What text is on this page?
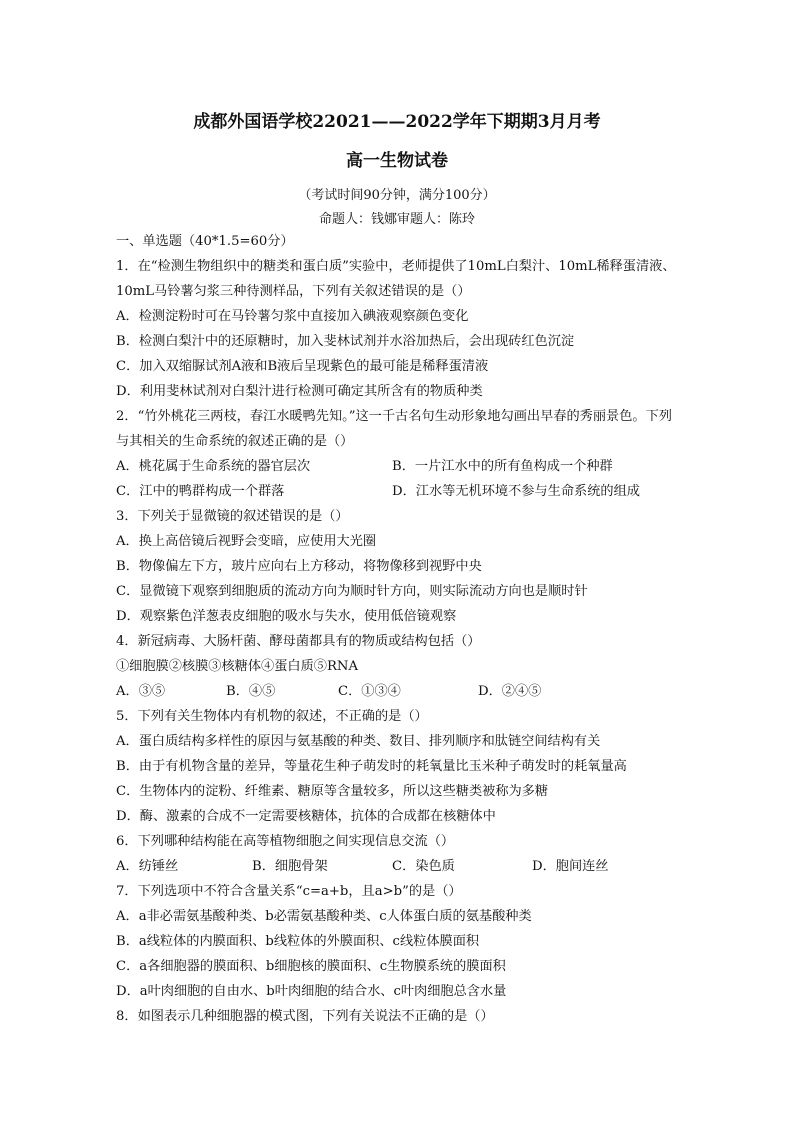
成都外国语学校22021——2022学年下期期3月月考
高一生物试卷
（考试时间90分钟，满分100分）
命题人：钱娜审题人：陈玲
一、单选题（40*1.5=60分）
1．在“检测生物组织中的糖类和蛋白质”实验中，老师提供了10mL白梨汁、10mL稀释蛋清液、
10mL马铃薯匀浆三种待测样品，下列有关叙述错误的是（）
A．检测淀粉时可在马铃薯匀浆中直接加入碘液观察颜色变化
B．检测白梨汁中的还原糖时，加入斐林试剂并水浴加热后，会出现砖红色沉淀
C．加入双缩脲试剂A液和B液后呈现紫色的最可能是稀释蛋清液
D．利用斐林试剂对白梨汁进行检测可确定其所含有的物质种类
2．“竹外桃花三两枝，春江水暖鸭先知。”这一千古名句生动形象地勾画出早春的秀丽景色。下列
与其相关的生命系统的叙述正确的是（）
A．桃花属于生命系统的器官层次	B．一片江水中的所有鱼构成一个种群
C．江中的鸭群构成一个群落	D．江水等无机环境不参与生命系统的组成
3．下列关于显微镜的叙述错误的是（）
A．换上高倍镜后视野会变暗，应使用大光圈
B．物像偏左下方，玻片应向右上方移动，将物像移到视野中央
C．显微镜下观察到细胞质的流动方向为顺时针方向，则实际流动方向也是顺时针
D．观察紫色洋葱表皮细胞的吸水与失水，使用低倍镜观察
4．新冠病毒、大肠杆菌、酵母菌都具有的物质或结构包括（）
①细胞膜②核膜③核糖体④蛋白质⑤RNA
A．③⑤	B．④⑤	C．①③④	D．②④⑤
5．下列有关生物体内有机物的叙述，不正确的是（）
A．蛋白质结构多样性的原因与氨基酸的种类、数目、排列顺序和肽链空间结构有关
B．由于有机物含量的差异，等量花生种子萌发时的耗氧量比玉米种子萌发时的耗氧量高
C．生物体内的淀粉、纤维素、糖原等含量较多，所以这些糖类被称为多糖
D．酶、激素的合成不一定需要核糖体，抗体的合成都在核糖体中
6．下列哪种结构能在高等植物细胞之间实现信息交流（）
A．纺锤丝	B．细胞骨架	C．染色质	D．胞间连丝
7．下列选项中不符合含量关系“c=a+b，且a>b”的是（）
A．a非必需氨基酸种类、b必需氨基酸种类、c人体蛋白质的氨基酸种类
B．a线粒体的内膜面积、b线粒体的外膜面积、c线粒体膜面积
C．a各细胞器的膜面积、b细胞核的膜面积、c生物膜系统的膜面积
D．a叶肉细胞的自由水、b叶肉细胞的结合水、c叶肉细胞总含水量
8．如图表示几种细胞器的模式图，下列有关说法不正确的是（）
